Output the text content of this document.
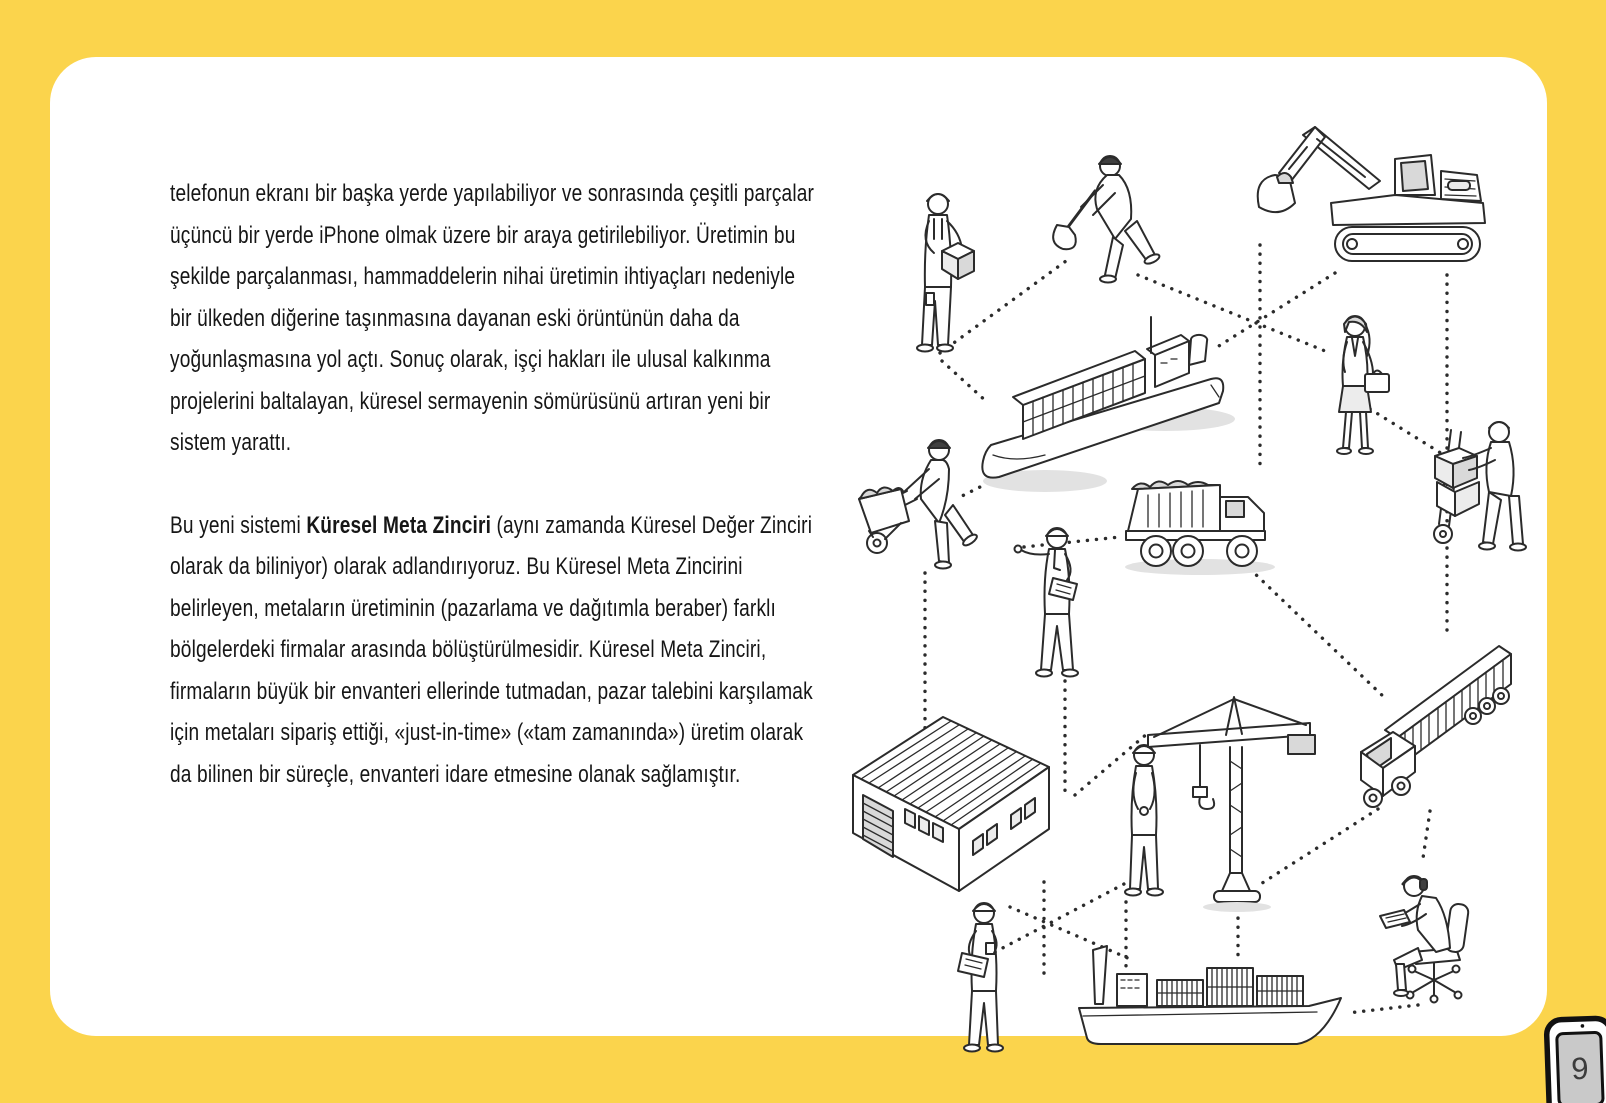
telefonun ekranı bir başka yerde yapılabiliyor ve sonrasında çeşitli parçalar üçüncü bir yerde iPhone olmak üzere bir araya getirilebiliyor. Üretimin bu şekilde parçalanması, hammaddelerin nihai üretimin ihtiyaçları nedeniyle bir ülkeden diğerine taşınmasına dayanan eski örüntünün daha da yoğunlaşmasına yol açtı. Sonuç olarak, işçi hakları ile ulusal kalkınma projelerini baltalayan, küresel sermayenin sömürüsünü artıran yeni bir sistem yarattı.

Bu yeni sistemi Küresel Meta Zinciri (aynı zamanda Küresel Değer Zinciri olarak da biliniyor) olarak adlandırıyoruz. Bu Küresel Meta Zincirini belirleyen, metaların üretiminin (pazarlama ve dağıtımla beraber) farklı bölgelerdeki firmalar arasında bölüştürülmesidir. Küresel Meta Zinciri, firmaların büyük bir envanteri ellerinde tutmadan, pazar talebini karşılamak için metaları sipariş ettiği, «just-in-time» («tam zamanında») üretim olarak da bilinen bir süreçle, envanteri idare etmesine olanak sağlamıştır.

9
